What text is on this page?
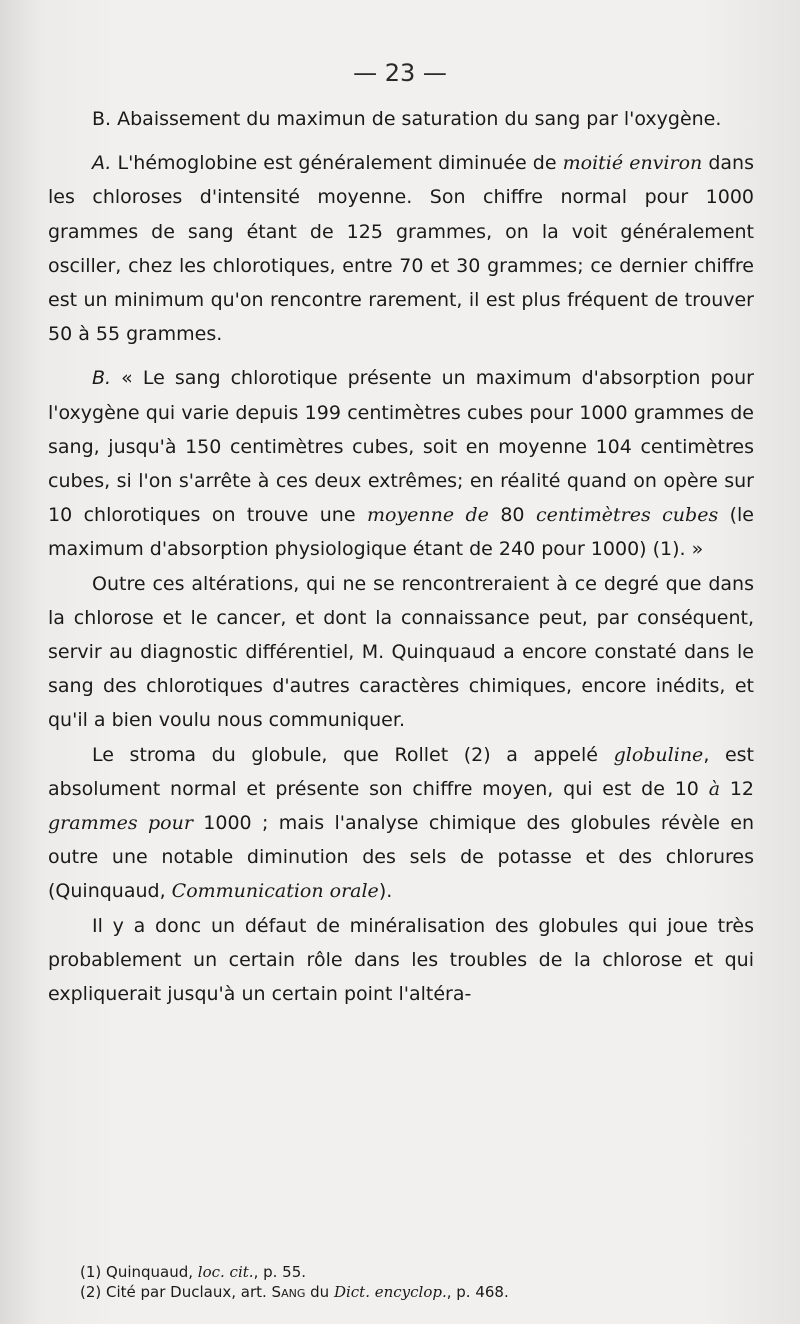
— 23 —

B. Abaissement du maximun de saturation du sang par l'oxygène.

A. L'hémoglobine est généralement diminuée de moitié environ dans les chloroses d'intensité moyenne. Son chiffre normal pour 1000 grammes de sang étant de 125 grammes, on la voit généralement osciller, chez les chlorotiques, entre 70 et 30 grammes; ce dernier chiffre est un minimum qu'on rencontre rarement, il est plus fréquent de trouver 50 à 55 grammes.

B. « Le sang chlorotique présente un maximum d'absorption pour l'oxygène qui varie depuis 199 centimètres cubes pour 1000 grammes de sang, jusqu'à 150 centimètres cubes, soit en moyenne 104 centimètres cubes, si l'on s'arrête à ces deux extrêmes; en réalité quand on opère sur 10 chlorotiques on trouve une moyenne de 80 centimètres cubes (le maximum d'absorption physiologique étant de 240 pour 1000) (1). »

Outre ces altérations, qui ne se rencontreraient à ce degré que dans la chlorose et le cancer, et dont la connaissance peut, par conséquent, servir au diagnostic différentiel, M. Quinquaud a encore constaté dans le sang des chlorotiques d'autres caractères chimiques, encore inédits, et qu'il a bien voulu nous communiquer.

Le stroma du globule, que Rollet (2) a appelé globuline, est absolument normal et présente son chiffre moyen, qui est de 10 à 12 grammes pour 1000 ; mais l'analyse chimique des globules révèle en outre une notable diminution des sels de potasse et des chlorures (Quinquaud, Communication orale).

Il y a donc un défaut de minéralisation des globules qui joue très probablement un certain rôle dans les troubles de la chlorose et qui expliquerait jusqu'à un certain point l'altéra-

(1) Quinquaud, loc. cit., p. 55.

(2) Cité par Duclaux, art. Sang du Dict. encyclop., p. 468.
